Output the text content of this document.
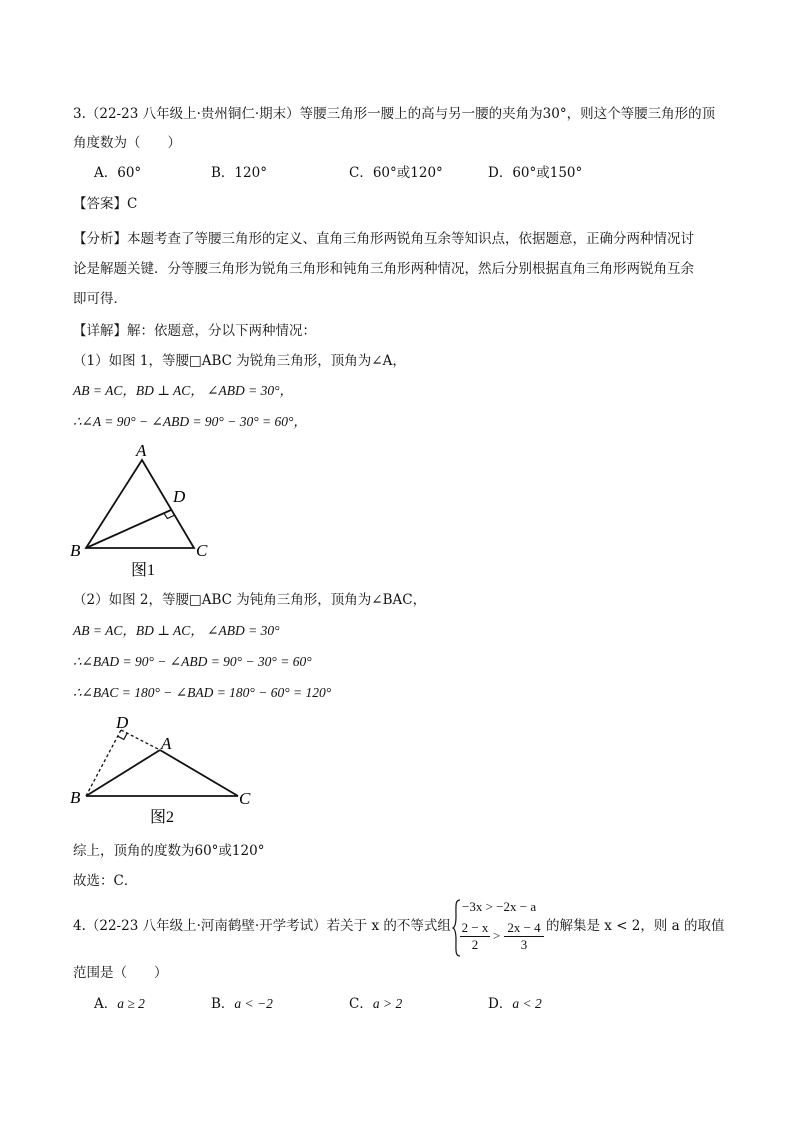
3.（22-23 八年级上·贵州铜仁·期末）等腰三角形一腰上的高与另一腰的夹角为30°，则这个等腰三角形的顶
角度数为（　　）
A．60°	B．120°	C．60°或120°	D．60°或150°
【答案】C
【分析】本题考查了等腰三角形的定义、直角三角形两锐角互余等知识点，依据题意，正确分两种情况讨
论是解题关键．分等腰三角形为锐角三角形和钝角三角形两种情况，然后分别根据直角三角形两锐角互余
即可得．
【详解】解：依题意，分以下两种情况：
（1）如图 1，等腰□ABC 为锐角三角形，顶角为∠A，
AB = AC，BD ⊥ AC， ∠ABD = 30°，
∴∠A = 90° − ∠ABD = 90° − 30° = 60°，
A
D
B	C
图1
（2）如图 2，等腰□ABC 为钝角三角形，顶角为∠BAC，
AB = AC，BD ⊥ AC， ∠ABD = 30°
∴∠BAD = 90° − ∠ABD = 90° − 30° = 60°
∴∠BAC = 180° − ∠BAD = 180° − 60° = 120°
D
A
B	C
图2
综上，顶角的度数为60°或120°
故选：C．
4.（22-23 八年级上·河南鹤壁·开学考试）若关于 x 的不等式组
−3x > −2x − a
$\frac{2 - x}{2} > \frac{2x - 4}{3}$ 的解集是 x < 2，则 a 的取值
范围是（　　）
A．a ≥ 2	B．a < −2	C．a > 2	D．a < 2
